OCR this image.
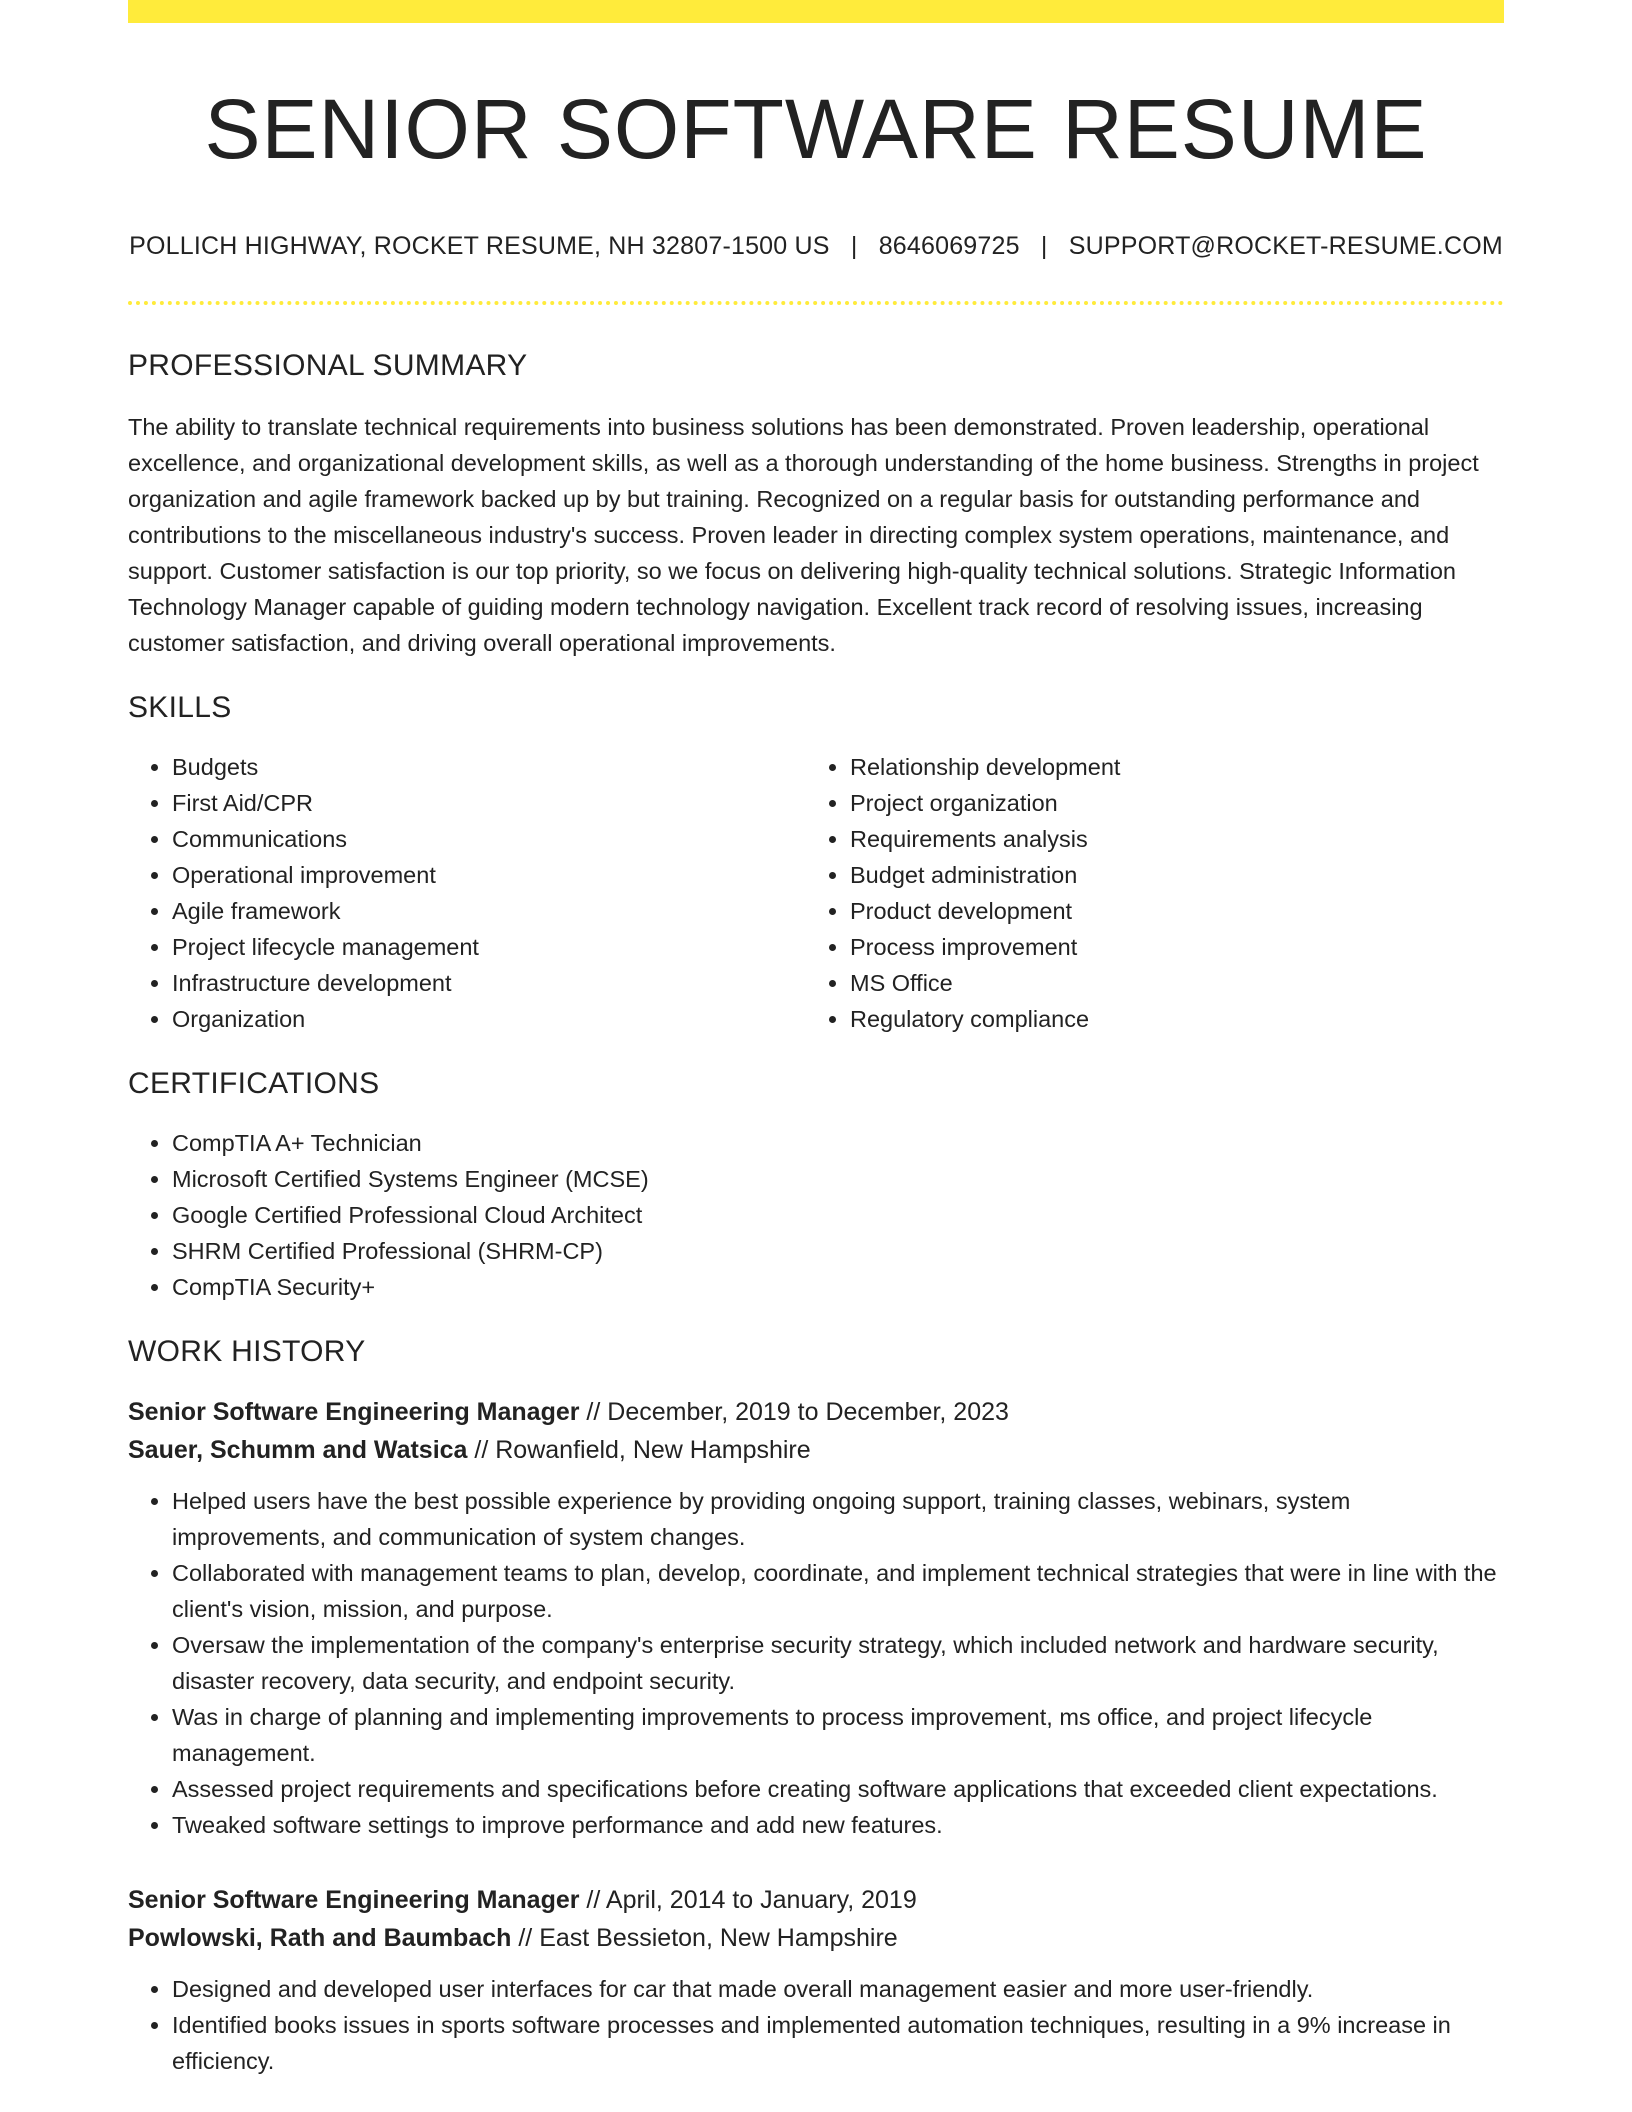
SENIOR SOFTWARE RESUME
POLLICH HIGHWAY, ROCKET RESUME, NH 32807-1500 US | 8646069725 | SUPPORT@ROCKET-RESUME.COM
PROFESSIONAL SUMMARY

The ability to translate technical requirements into business solutions has been demonstrated. Proven leadership, operational excellence, and organizational development skills, as well as a thorough understanding of the home business. Strengths in project organization and agile framework backed up by but training. Recognized on a regular basis for outstanding performance and contributions to the miscellaneous industry's success. Proven leader in directing complex system operations, maintenance, and support. Customer satisfaction is our top priority, so we focus on delivering high-quality technical solutions. Strategic Information Technology Manager capable of guiding modern technology navigation. Excellent track record of resolving issues, increasing customer satisfaction, and driving overall operational improvements.

SKILLS
• Budgets
• First Aid/CPR
• Communications
• Operational improvement
• Agile framework
• Project lifecycle management
• Infrastructure development
• Organization
• Relationship development
• Project organization
• Requirements analysis
• Budget administration
• Product development
• Process improvement
• MS Office
• Regulatory compliance
CERTIFICATIONS
• CompTIA A+ Technician
• Microsoft Certified Systems Engineer (MCSE)
• Google Certified Professional Cloud Architect
• SHRM Certified Professional (SHRM-CP)
• CompTIA Security+
WORK HISTORY
Senior Software Engineering Manager // December, 2019 to December, 2023
Sauer, Schumm and Watsica // Rowanfield, New Hampshire
• Helped users have the best possible experience by providing ongoing support, training classes, webinars, system improvements, and communication of system changes.
• Collaborated with management teams to plan, develop, coordinate, and implement technical strategies that were in line with the client's vision, mission, and purpose.
• Oversaw the implementation of the company's enterprise security strategy, which included network and hardware security, disaster recovery, data security, and endpoint security.
• Was in charge of planning and implementing improvements to process improvement, ms office, and project lifecycle management.
• Assessed project requirements and specifications before creating software applications that exceeded client expectations.
• Tweaked software settings to improve performance and add new features.
Senior Software Engineering Manager // April, 2014 to January, 2019
Powlowski, Rath and Baumbach // East Bessieton, New Hampshire
• Designed and developed user interfaces for car that made overall management easier and more user-friendly.
• Identified books issues in sports software processes and implemented automation techniques, resulting in a 9% increase in efficiency.
